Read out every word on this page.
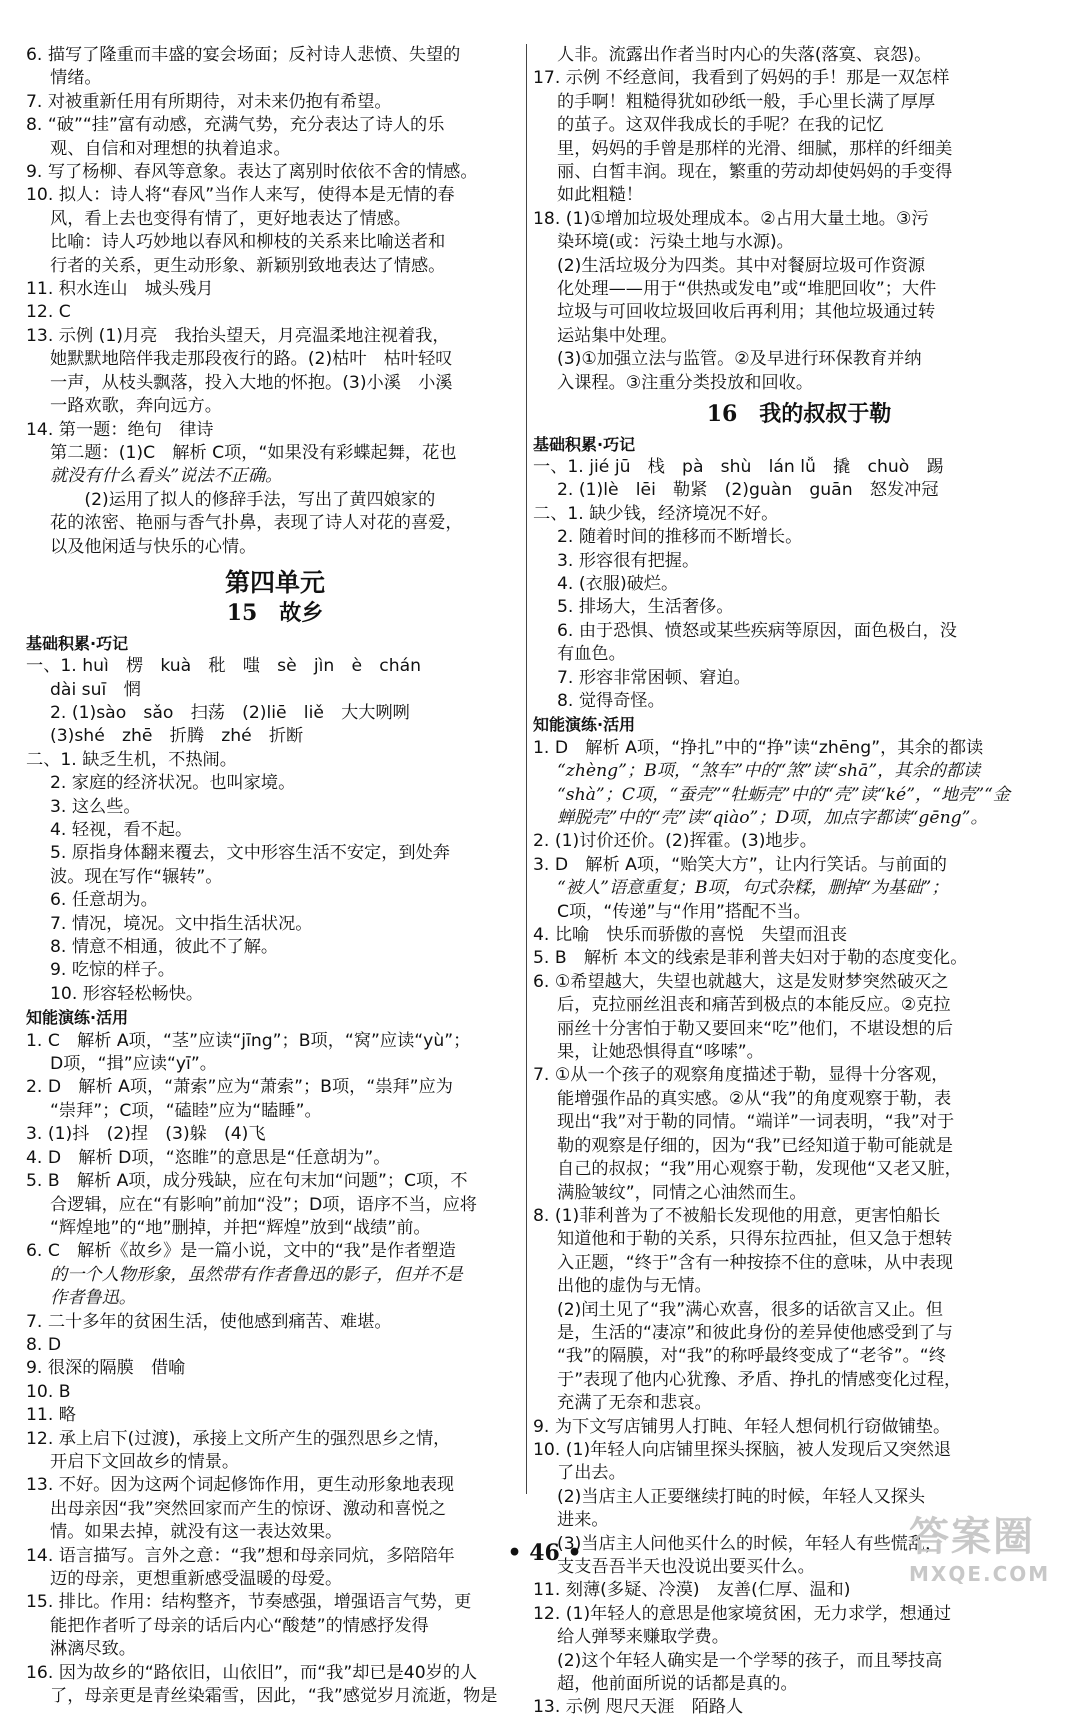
6. 描写了隆重而丰盛的宴会场面；反衬诗人悲愤、失望的
情绪。
7. 对被重新任用有所期待，对未来仍抱有希望。
8. “破”“挂”富有动感，充满气势，充分表达了诗人的乐
观、自信和对理想的执着追求。
9. 写了杨柳、春风等意象。表达了离别时依依不舍的情感。
10. 拟人：诗人将“春风”当作人来写，使得本是无情的春
风，看上去也变得有情了，更好地表达了情感。
比喻：诗人巧妙地以春风和柳枝的关系来比喻送者和
行者的关系，更生动形象、新颖别致地表达了情感。
11. 积水连山　城头残月
12. C
13. 示例 (1)月亮　我抬头望天，月亮温柔地注视着我，
她默默地陪伴我走那段夜行的路。(2)枯叶　枯叶轻叹
一声，从枝头飘落，投入大地的怀抱。(3)小溪　小溪
一路欢歌，奔向远方。
14. 第一题：绝句　律诗
第二题：(1)C　解析 C项，“如果没有彩蝶起舞，花也
就没有什么看头”说法不正确。
　　(2)运用了拟人的修辞手法，写出了黄四娘家的
花的浓密、艳丽与香气扑鼻，表现了诗人对花的喜爱，
以及他闲适与快乐的心情。
第四单元
15　故乡
基础积累·巧记
一、1. huì　楞　kuà　秕　嗤　sè　jìn　è　chán
dài suī　惘
2. (1)sào　sǎo　扫荡　(2)liē　liě　大大咧咧
(3)shé　zhē　折腾　zhé　折断
二、1. 缺乏生机，不热闹。
2. 家庭的经济状况。也叫家境。
3. 这么些。
4. 轻视，看不起。
5. 原指身体翻来覆去，文中形容生活不安定，到处奔
波。现在写作“辗转”。
6. 任意胡为。
7. 情况，境况。文中指生活状况。
8. 情意不相通，彼此不了解。
9. 吃惊的样子。
10. 形容轻松畅快。
知能演练·活用
1. C　解析 A项，“茎”应读“jīng”；B项，“窝”应读“yù”；
D项，“揖”应读“yī”。
2. D　解析 A项，“萧索”应为“萧索”；B项，“祟拜”应为
“崇拜”；C项，“磕睦”应为“瞌睡”。
3. (1)抖　(2)捏　(3)躲　(4)飞
4. D　解析 D项，“恣睢”的意思是“任意胡为”。
5. B　解析 A项，成分残缺，应在句末加“问题”；C项，不
合逻辑，应在“有影响”前加“没”；D项，语序不当，应将
“辉煌地”的“地”删掉，并把“辉煌”放到“战绩”前。
6. C　解析《故乡》是一篇小说，文中的“我”是作者塑造
的一个人物形象，虽然带有作者鲁迅的影子，但并不是
作者鲁迅。
7. 二十多年的贫困生活，使他感到痛苦、难堪。
8. D
9. 很深的隔膜　借喻
10. B
11. 略
12. 承上启下(过渡)，承接上文所产生的强烈思乡之情，
开启下文回故乡的情景。
13. 不好。因为这两个词起修饰作用，更生动形象地表现
出母亲因“我”突然回家而产生的惊讶、激动和喜悦之
情。如果去掉，就没有这一表达效果。
14. 语言描写。言外之意：“我”想和母亲同炕，多陪陪年
迈的母亲，更想重新感受温暖的母爱。
15. 排比。作用：结构整齐，节奏感强，增强语言气势，更
能把作者听了母亲的话后内心“酸楚”的情感抒发得
淋漓尽致。
16. 因为故乡的“路依旧，山依旧”，而“我”却已是40岁的人
了，母亲更是青丝染霜雪，因此，“我”感觉岁月流逝，物是
人非。流露出作者当时内心的失落(落寞、哀怨)。
17. 示例 不经意间，我看到了妈妈的手！那是一双怎样
的手啊！粗糙得犹如砂纸一般，手心里长满了厚厚
的茧子。这双伴我成长的手呢？在我的记忆
里，妈妈的手曾是那样的光滑、细腻，那样的纤细美
丽、白皙丰润。现在，繁重的劳动却使妈妈的手变得
如此粗糙！
18. (1)①增加垃圾处理成本。②占用大量土地。③污
染环境(或：污染土地与水源)。
(2)生活垃圾分为四类。其中对餐厨垃圾可作资源
化处理——用于“供热或发电”或“堆肥回收”；大件
垃圾与可回收垃圾回收后再利用；其他垃圾通过转
运站集中处理。
(3)①加强立法与监管。②及早进行环保教育并纳
入课程。③注重分类投放和回收。
16　我的叔叔于勒
基础积累·巧记
一、1. jié jū　栈　pà　shù　lán lǚ　撬　chuò　踢
2. (1)lè　lēi　勒紧　(2)guàn　guān　怒发冲冠
二、1. 缺少钱，经济境况不好。
2. 随着时间的推移而不断增长。
3. 形容很有把握。
4. (衣服)破烂。
5. 排场大，生活奢侈。
6. 由于恐惧、愤怒或某些疾病等原因，面色极白，没
有血色。
7. 形容非常困顿、窘迫。
8. 觉得奇怪。
知能演练·活用
1. D　解析 A项，“挣扎”中的“挣”读“zhēng”，其余的都读
“zhèng”；B项，“煞车”中的“煞”读“shā”，其余的都读
“shà”；C项，“蚕壳”“牡蛎壳”中的“壳”读“ké”，“地壳”“金
蝉脱壳”中的“壳”读“qiào”；D项，加点字都读“gēng”。
2. (1)讨价还价。(2)挥霍。(3)地步。
3. D　解析 A项，“贻笑大方”，让内行笑话。与前面的
“被人”语意重复；B项，句式杂糅，删掉“为基础”；
C项，“传递”与“作用”搭配不当。
4. 比喻　快乐而骄傲的喜悦　失望而沮丧
5. B　解析 本文的线索是菲利普夫妇对于勒的态度变化。
6. ①希望越大，失望也就越大，这是发财梦突然破灭之
后，克拉丽丝沮丧和痛苦到极点的本能反应。②克拉
丽丝十分害怕于勒又要回来“吃”他们，不堪设想的后
果，让她恐惧得直“哆嗦”。
7. ①从一个孩子的观察角度描述于勒，显得十分客观，
能增强作品的真实感。②从“我”的角度观察于勒，表
现出“我”对于勒的同情。“端详”一词表明，“我”对于
勒的观察是仔细的，因为“我”已经知道于勒可能就是
自己的叔叔；“我”用心观察于勒，发现他“又老又脏，
满脸皱纹”，同情之心油然而生。
8. (1)菲利普为了不被船长发现他的用意，更害怕船长
知道他和于勒的关系，只得东拉西扯，但又急于想转
入正题，“终于”含有一种按捺不住的意味，从中表现
出他的虚伪与无情。
(2)闰土见了“我”满心欢喜，很多的话欲言又止。但
是，生活的“凄凉”和彼此身份的差异使他感受到了与
“我”的隔膜，对“我”的称呼最终变成了“老爷”。“终
于”表现了他内心犹豫、矛盾、挣扎的情感变化过程，
充满了无奈和悲哀。
9. 为下文写店铺男人打盹、年轻人想伺机行窃做铺垫。
10. (1)年轻人向店铺里探头探脑，被人发现后又突然退
了出去。
(2)当店主人正要继续打盹的时候，年轻人又探头
进来。
(3)当店主人问他买什么的时候，年轻人有些慌乱，
支支吾吾半天也没说出要买什么。
11. 刻薄(多疑、冷漠)　友善(仁厚、温和)
12. (1)年轻人的意思是他家境贫困，无力求学，想通过
给人弹琴来赚取学费。
(2)这个年轻人确实是一个学琴的孩子，而且琴技高
超，他前面所说的话都是真的。
13. 示例 咫尺天涯　陌路人
• 46 •	答案圈
MXQE.COM
